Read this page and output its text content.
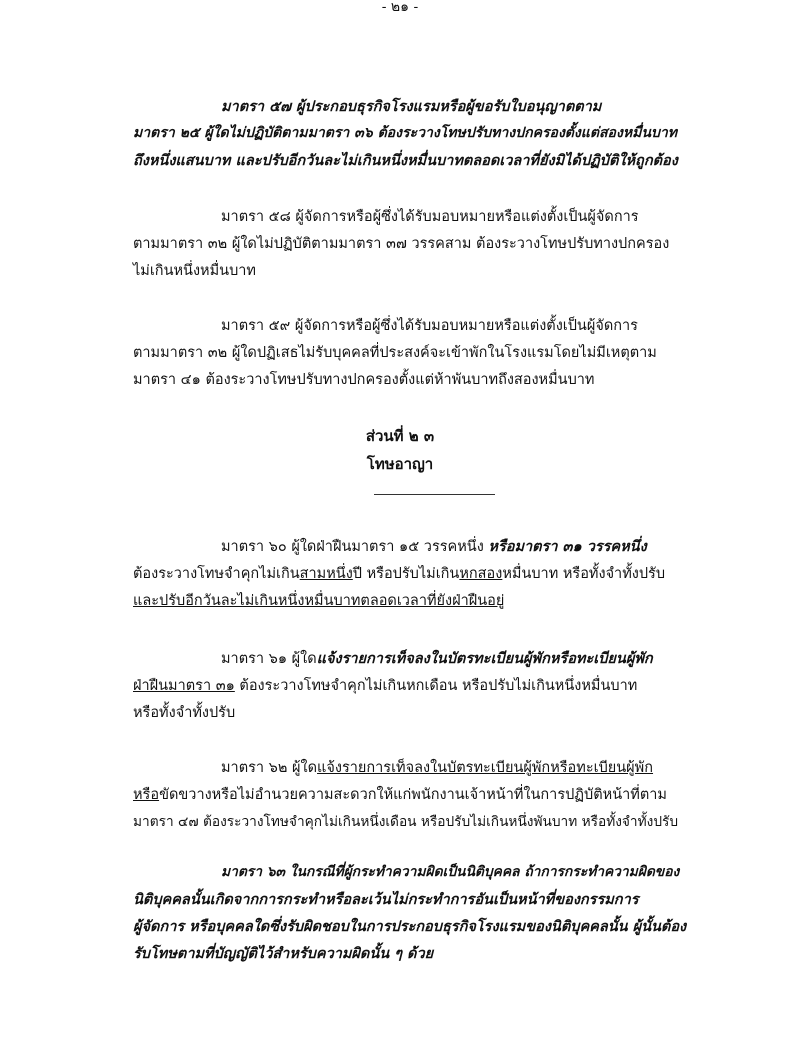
- ๒๑ -

มาตรา ๕๗ ผู้ประกอบธุรกิจโรงแรมหรือผู้ขอรับใบอนุญาตตาม

มาตรา ๒๕ ผู้ใดไม่ปฏิบัติตามมาตรา ๓๖ ต้องระวางโทษปรับทางปกครองตั้งแต่สองหมื่นบาท

ถึงหนึ่งแสนบาท และปรับอีกวันละไม่เกินหนึ่งหมื่นบาทตลอดเวลาที่ยังมิได้ปฏิบัติให้ถูกต้อง

มาตรา ๕๘ ผู้จัดการหรือผู้ซึ่งได้รับมอบหมายหรือแต่งตั้งเป็นผู้จัดการ

ตามมาตรา ๓๒ ผู้ใดไม่ปฏิบัติตามมาตรา ๓๗ วรรคสาม ต้องระวางโทษปรับทางปกครอง

ไม่เกินหนึ่งหมื่นบาท

มาตรา ๕๙ ผู้จัดการหรือผู้ซึ่งได้รับมอบหมายหรือแต่งตั้งเป็นผู้จัดการ

ตามมาตรา ๓๒ ผู้ใดปฏิเสธไม่รับบุคคลที่ประสงค์จะเข้าพักในโรงแรมโดยไม่มีเหตุตาม

มาตรา ๔๑ ต้องระวางโทษปรับทางปกครองตั้งแต่ห้าพันบาทถึงสองหมื่นบาท

ส่วนที่ ๒ ๓
โทษอาญา

มาตรา ๖๐ ผู้ใดฝ่าฝืนมาตรา ๑๕ วรรคหนึ่ง หรือมาตรา ๓๑ วรรคหนึ่ง

ต้องระวางโทษจำคุกไม่เกินสามหนึ่งปี หรือปรับไม่เกินหกสองหมื่นบาท หรือทั้งจำทั้งปรับ

และปรับอีกวันละไม่เกินหนึ่งหมื่นบาทตลอดเวลาที่ยังฝ่าฝืนอยู่

มาตรา ๖๑ ผู้ใดแจ้งรายการเท็จลงในบัตรทะเบียนผู้พักหรือทะเบียนผู้พัก

ฝ่าฝืนมาตรา ๓๑ ต้องระวางโทษจำคุกไม่เกินหกเดือน หรือปรับไม่เกินหนึ่งหมื่นบาท

หรือทั้งจำทั้งปรับ

มาตรา ๖๒ ผู้ใดแจ้งรายการเท็จลงในบัตรทะเบียนผู้พักหรือทะเบียนผู้พัก

หรือขัดขวางหรือไม่อำนวยความสะดวกให้แก่พนักงานเจ้าหน้าที่ในการปฏิบัติหน้าที่ตาม

มาตรา ๔๗ ต้องระวางโทษจำคุกไม่เกินหนึ่งเดือน หรือปรับไม่เกินหนึ่งพันบาท หรือทั้งจำทั้งปรับ

มาตรา ๖๓ ในกรณีที่ผู้กระทำความผิดเป็นนิติบุคคล ถ้าการกระทำความผิดของ

นิติบุคคลนั้นเกิดจากการกระทำหรือละเว้นไม่กระทำการอันเป็นหน้าที่ของกรรมการ

ผู้จัดการ หรือบุคคลใดซึ่งรับผิดชอบในการประกอบธุรกิจโรงแรมของนิติบุคคลนั้น ผู้นั้นต้อง

รับโทษตามที่บัญญัติไว้สำหรับความผิดนั้น ๆ ด้วย
